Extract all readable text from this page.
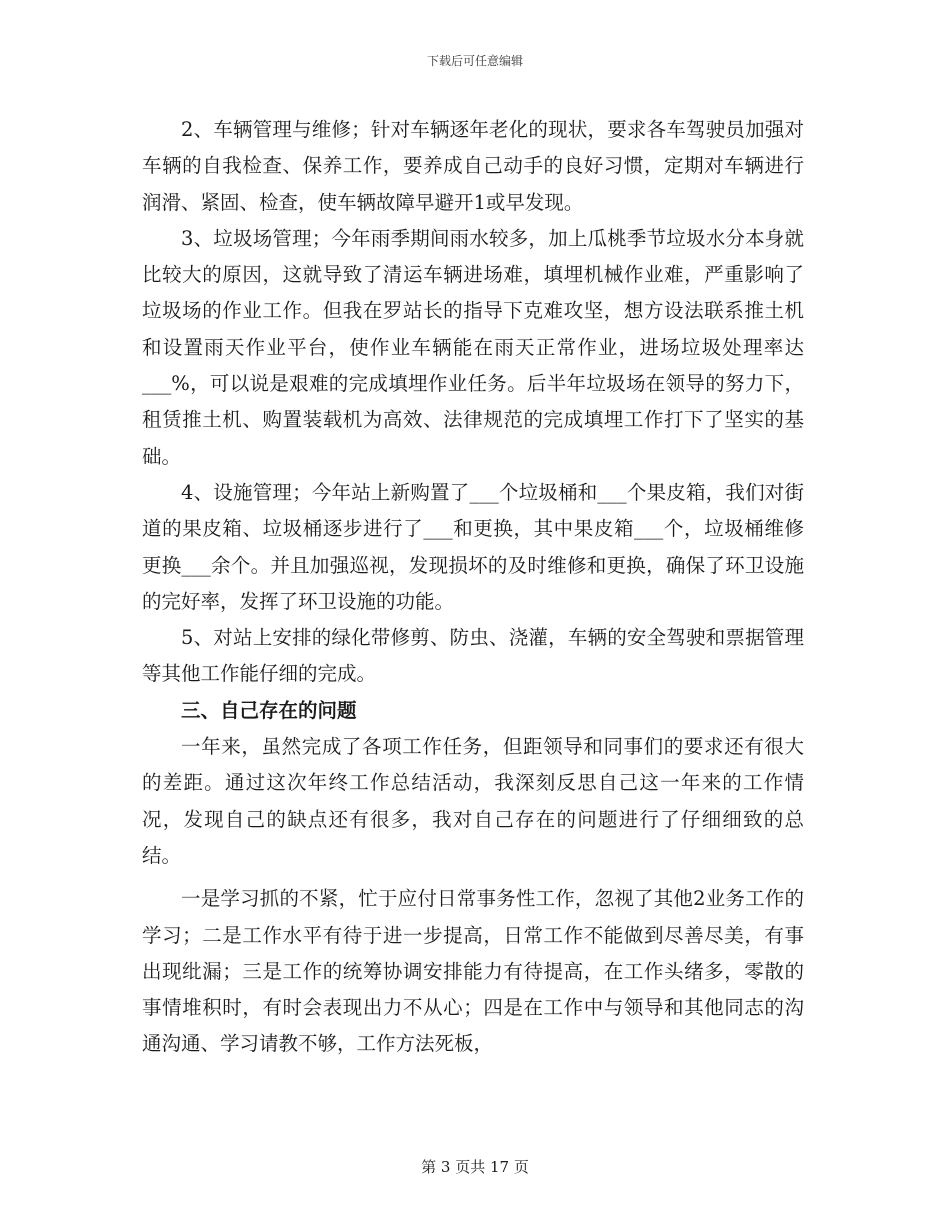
下载后可任意编辑

2、车辆管理与维修；针对车辆逐年老化的现状，要求各车驾驶员加强对车辆的自我检查、保养工作，要养成自己动手的良好习惯，定期对车辆进行润滑、紧固、检查，使车辆故障早避开1或早发现。

3、垃圾场管理；今年雨季期间雨水较多，加上瓜桃季节垃圾水分本身就比较大的原因，这就导致了清运车辆进场难，填埋机械作业难，严重影响了垃圾场的作业工作。但我在罗站长的指导下克难攻坚，想方设法联系推土机和设置雨天作业平台，使作业车辆能在雨天正常作业，进场垃圾处理率达___%，可以说是艰难的完成填埋作业任务。后半年垃圾场在领导的努力下，租赁推土机、购置装载机为高效、法律规范的完成填埋工作打下了坚实的基础。

4、设施管理；今年站上新购置了___个垃圾桶和___个果皮箱，我们对街道的果皮箱、垃圾桶逐步进行了___和更换，其中果皮箱___个，垃圾桶维修更换___余个。并且加强巡视，发现损坏的及时维修和更换，确保了环卫设施的完好率，发挥了环卫设施的功能。

5、对站上安排的绿化带修剪、防虫、浇灌，车辆的安全驾驶和票据管理等其他工作能仔细的完成。

三、自己存在的问题

一年来，虽然完成了各项工作任务，但距领导和同事们的要求还有很大的差距。通过这次年终工作总结活动，我深刻反思自己这一年来的工作情况，发现自己的缺点还有很多，我对自己存在的问题进行了仔细细致的总结。

一是学习抓的不紧，忙于应付日常事务性工作，忽视了其他2业务工作的学习；二是工作水平有待于进一步提高，日常工作不能做到尽善尽美，有事出现纰漏；三是工作的统筹协调安排能力有待提高，在工作头绪多，零散的事情堆积时，有时会表现出力不从心；四是在工作中与领导和其他同志的沟通沟通、学习请教不够，工作方法死板，

第 3 页共 17 页
